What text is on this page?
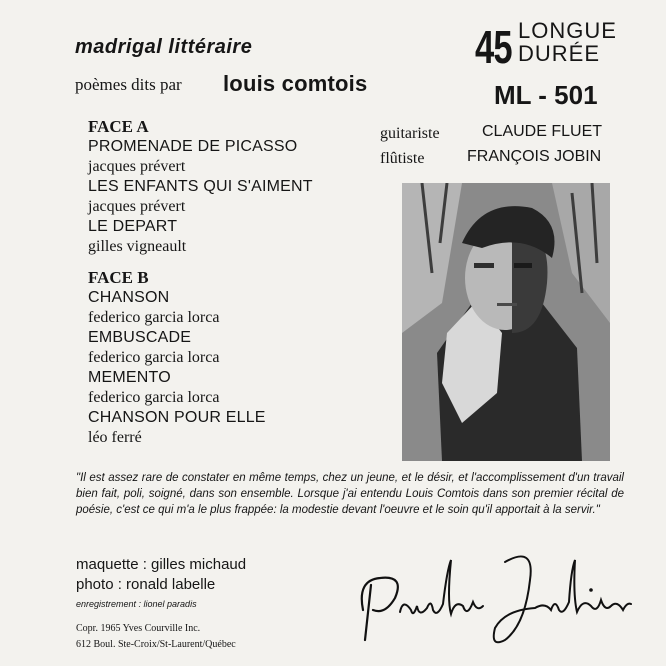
madrigal littéraire
poèmes dits par louis comtois
45 LONGUE
DURÉE
ML - 501
FACE A
PROMENADE DE PICASSO
jacques prévert
LES ENFANTS QUI S'AIMENT
jacques prévert
LE DEPART
gilles vigneault
FACE B
CHANSON
federico garcia lorca
EMBUSCADE
federico garcia lorca
MEMENTO
federico garcia lorca
CHANSON POUR ELLE
léo ferré
guitariste	CLAUDE FLUET
flûtiste	FRANÇOIS JOBIN
"Il est assez rare de constater en même temps, chez un jeune, et le désir, et l'accomplissement d'un travail bien fait, poli, soigné, dans son ensemble. Lorsque j'ai entendu Louis Comtois dans son premier récital de poésie, c'est ce qui m'a le plus frappée: la modestie devant l'oeuvre et le soin qu'il apportait à la servir."
maquette : gilles michaud
photo : ronald labelle
enregistrement : lionel paradis
Copr. 1965 Yves Courville Inc.
612 Boul. Ste-Croix/St-Laurent/Québec
